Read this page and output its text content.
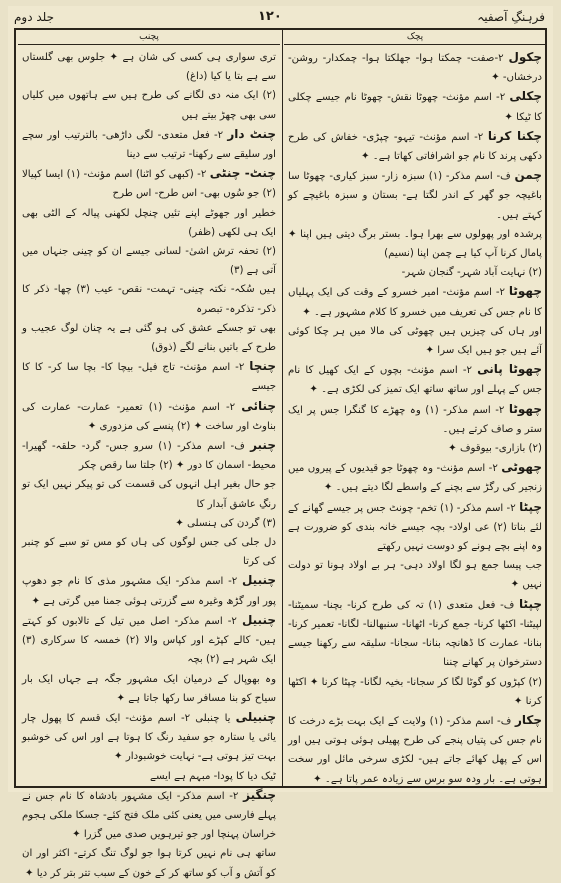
جلد دوم	۱۲۰	فرہنگِ آصفیہ
پچنب	پچک

چکول ٢-صفت- چمکتا ہوا- جھلکتا ہوا- چمکدار- روشن- درخشاں- ✦

چکلی ٢- اسم مؤنث- چھوٹا نقش- چھوٹا نام جیسے چکلی کا ٹیکا ✦

چکنا کرنا ٢- اسم مؤنث- تیہو- چپڑی- خفاش کی طرح دکھی پرند کا نام جو اشرافاتی کھاتا ہے۔ ✦

چمن ف- اسم مذکر- (١) سبزہ زار- سبز کیاری- چھوٹا سا باغیچہ جو گھر کے اندر لگتا ہے- بستان و سبزہ باغیچے کو کہتے ہیں۔

پرشدہ اور پھولوں سے بھرا ہوا۔ بستر برگ دیتی ہیں اپنا ✦ پامال کرنا آپ کیا ہے چمن اپنا (نسیم)

(٢) نہایت آباد شہر- گنجان شہر-

چھوٹا ٢- اسم مؤنث- امیر خسرو کے وقت کی ایک پہلیاں کا نام جس کی تعریف میں خسرو کا کلام مشہور ہے۔ ✦

اور ہاں کی چیزیں ہیں چھوٹی کی مالا میں ہر چکا کوئی آئے ہیں جو ہیں ایک سرا ✦

چھوٹا پانی ٢- اسم مؤنث- بچوں کے ایک کھیل کا نام جس کے پہلے اور ساتھ ساتھ ایک تمیز کی لکڑی ہے۔ ✦

چھوٹا ٢- اسم مذکر- (١) وہ چھڑے کا گنگرا جس پر ایک ستر و صاف کرتے ہیں۔

(٢) بازاری- بیوقوف ✦

چھوٹی ٢- اسم مؤنث- وہ چھوٹا جو قیدیوں کے پیروں میں زنجیر کی رگڑ سے بچنے کے واسطے لگا دیتے ہیں۔ ✦

چپٹا ٢- اسم مذکر- (١) تخم- چونٹ جس پر جیسے گھانے کے لئے بناتا (٢) عی اولاد- بچہ جیسے خانہ بندی کو ضرورت ہے وہ اپنے بچے ہونے کو دوست نہیں رکھتے

جب پیسا جمع ہو لگا اولاد دہی- ہر بے اولاد ہونا تو دولت نہیں ✦

چپٹا ف- فعل متعدی (١) تہ کی طرح کرنا- بچنا- سمیٹنا- لپیٹنا- اکٹھا کرنا- جمع کرنا- اٹھانا- سنبھالنا- لگانا- تعمیر کرنا- بنانا- عمارت کا ڈھانچہ بنانا- سجانا- سلیقہ سے رکھنا جیسے دسترخوان پر کھانے چننا

(٢) کپڑوں کو گوٹا لگا کر سجانا- بخیہ لگانا- چپٹا کرنا ✦ اکٹھا کرنا ✦

چکار ف- اسم مذکر- (١) ولایت کے ایک بہت بڑے درخت کا نام جس کی پتیاں پنجے کی طرح پھیلی ہوئی ہوتی ہیں اور اس کے پھل کھائے جاتے ہیں- لکڑی سرخی مائل اور سخت ہوتی ہے۔ بار ودہ سو برس سے زیادہ عمر پاتا ہے۔ ✦

تری سواری ہی کسی کی شان ہے ✦ جلوس بھی گلستاں سے ہے بتا یا کیا (داغ)

(٢) ایک منہ دی لگانے کی طرح ہیں سے ہاتھوں میں کلیاں سی بھی چھڑ بیتے ہیں

چنٹ دار ٢- فعل متعدی- لگی داڑھی- بالترتیب اور سچے اور سلیقے سے رکھنا- ترتیب سے دینا

چنٹ- چنٹی ٢- (کبھی کو اٹنا) اسم مؤنث- (١) ایسا کپیالا (٢) جو سُوں بھی- اس طرح- اس طرح

خطیر اور جھوٹے اپنے تئیں چنچل لکھنی پیالہ کے الٹی بھی ایک ہی لکھی (ظفر)

(٢) تحفہ ترش اشیٰ- لسانی جیسے ان کو چینی جنہاں میں آتی ہے (٣)

ہیں سُکہ- نکتہ چینی- تہمت- نقص- عیب (٣) چھا- ذکر کا ذکر- تذکرہ- تبصرہ

بھی تو جسکے عشق کی ہو گئی ہے یہ چنان لوگ عجیب و طرح کے باتیں بنانے لگے (ذوق)

چنچا ٢- اسم مؤنث- تاج فیل- بیچا کا- بچا سا کر- کا کا جیسے

چنائی ٢- اسم مؤنث- (١) تعمیر- عمارت- عمارت کی بناوٹ اور ساخت ✦ (٢) پنسے کی مزدوری ✦

چنبر ف- اسم مذکر- (١) سرو جس- گرد- حلقہ- گھیرا- محیط- اسمان کا دور ✦ (٢) جلتا سا رقص چکر

جو حال بغیر اہل انہوں کی قسمت کی تو پیکر نہیں ایک تو رنگِ عاشق آبدار کا

(٣) گردن کی ہنسلی ✦

دل جلی کی جس لوگوں کی ہاں کو مس تو سبے کو چنبر کی کرتا

چنبیل ٢- اسم مذکر- ایک مشہور مذی کا نام جو دھوپ پور اور گڑھ وغیرہ سے گزرتی ہوئی جمنا میں گرتی ہے ✦

چنبیل ٢- اسم مذکر- اصل میں تیل کے تالابوں کو کہتے ہیں- کالے کپڑے اور کپاس والا (٢) خمسہ کا سرکاری (٣) ایک شہر ہے (٢) بچہ

وہ بھوپال کے درمیان ایک مشہور جگہ ہے جہاں ایک بار سیاح کو بنا مسافر سا رکھا جاتا ہے ✦

چنبیلی یا چنبلی ٢- اسم مؤنث- ایک قسم کا پھول چار یائی یا ستارہ جو سفید رنگ کا ہوتا ہے اور اس کی خوشبو بہت تیز ہوتی ہے- نہایت خوشبودار ✦

ٹیک دیا کا پودا- مبہم ہے ایسے

چنگیز ٢- اسم مذکر- ایک مشہور بادشاہ کا نام جس نے پہلے فارسی میں یعنی کئی ملک فتح کئے- جسکا ملکی ہجوم خراسان پہنچا اور جو تیرہویں صدی میں گزرا ✦

ساتھ ہی نام نہیں کرتا ہوا جو لوگ تنگ کرتے- اکثر اور ان کو آتش و آب کو ساتھ کر کے خون کے سبب تتر بتر کر دیا ✦
